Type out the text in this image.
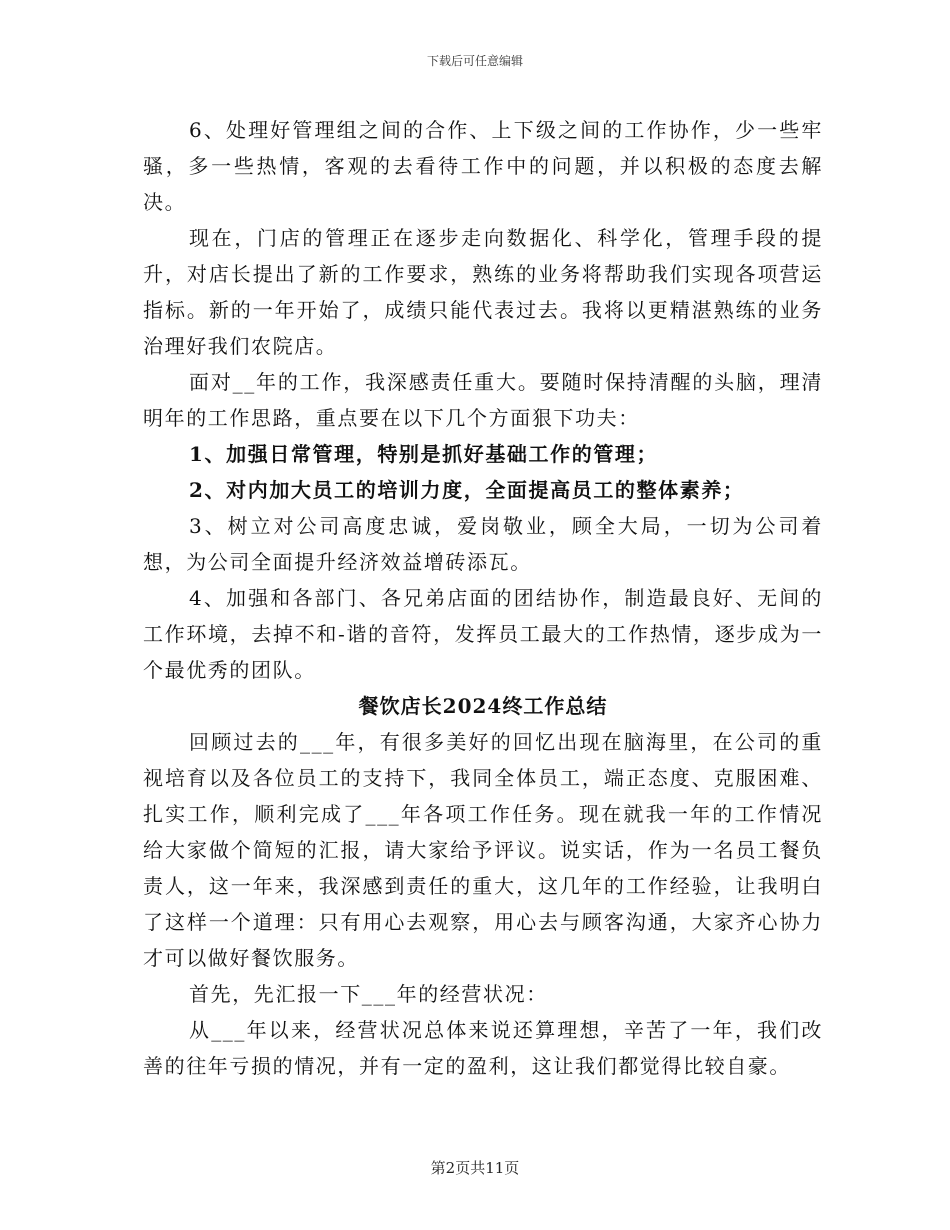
下载后可任意编辑

6、处理好管理组之间的合作、上下级之间的工作协作，少一些牢骚，多一些热情，客观的去看待工作中的问题，并以积极的态度去解决。

现在，门店的管理正在逐步走向数据化、科学化，管理手段的提升，对店长提出了新的工作要求，熟练的业务将帮助我们实现各项营运指标。新的一年开始了，成绩只能代表过去。我将以更精湛熟练的业务治理好我们农院店。

面对__年的工作，我深感责任重大。要随时保持清醒的头脑，理清明年的工作思路，重点要在以下几个方面狠下功夫：

1、加强日常管理，特别是抓好基础工作的管理；

2、对内加大员工的培训力度，全面提高员工的整体素养；

3、树立对公司高度忠诚，爱岗敬业，顾全大局，一切为公司着想，为公司全面提升经济效益增砖添瓦。

4、加强和各部门、各兄弟店面的团结协作，制造最良好、无间的工作环境，去掉不和-谐的音符，发挥员工最大的工作热情，逐步成为一个最优秀的团队。

餐饮店长2024终工作总结

回顾过去的___年，有很多美好的回忆出现在脑海里，在公司的重视培育以及各位员工的支持下，我同全体员工，端正态度、克服困难、扎实工作，顺利完成了___年各项工作任务。现在就我一年的工作情况给大家做个简短的汇报，请大家给予评议。说实话，作为一名员工餐负责人，这一年来，我深感到责任的重大，这几年的工作经验，让我明白了这样一个道理：只有用心去观察，用心去与顾客沟通，大家齐心协力才可以做好餐饮服务。

首先，先汇报一下___年的经营状况：

从___年以来，经营状况总体来说还算理想，辛苦了一年，我们改善的往年亏损的情况，并有一定的盈利，这让我们都觉得比较自豪。

第2页共11页
